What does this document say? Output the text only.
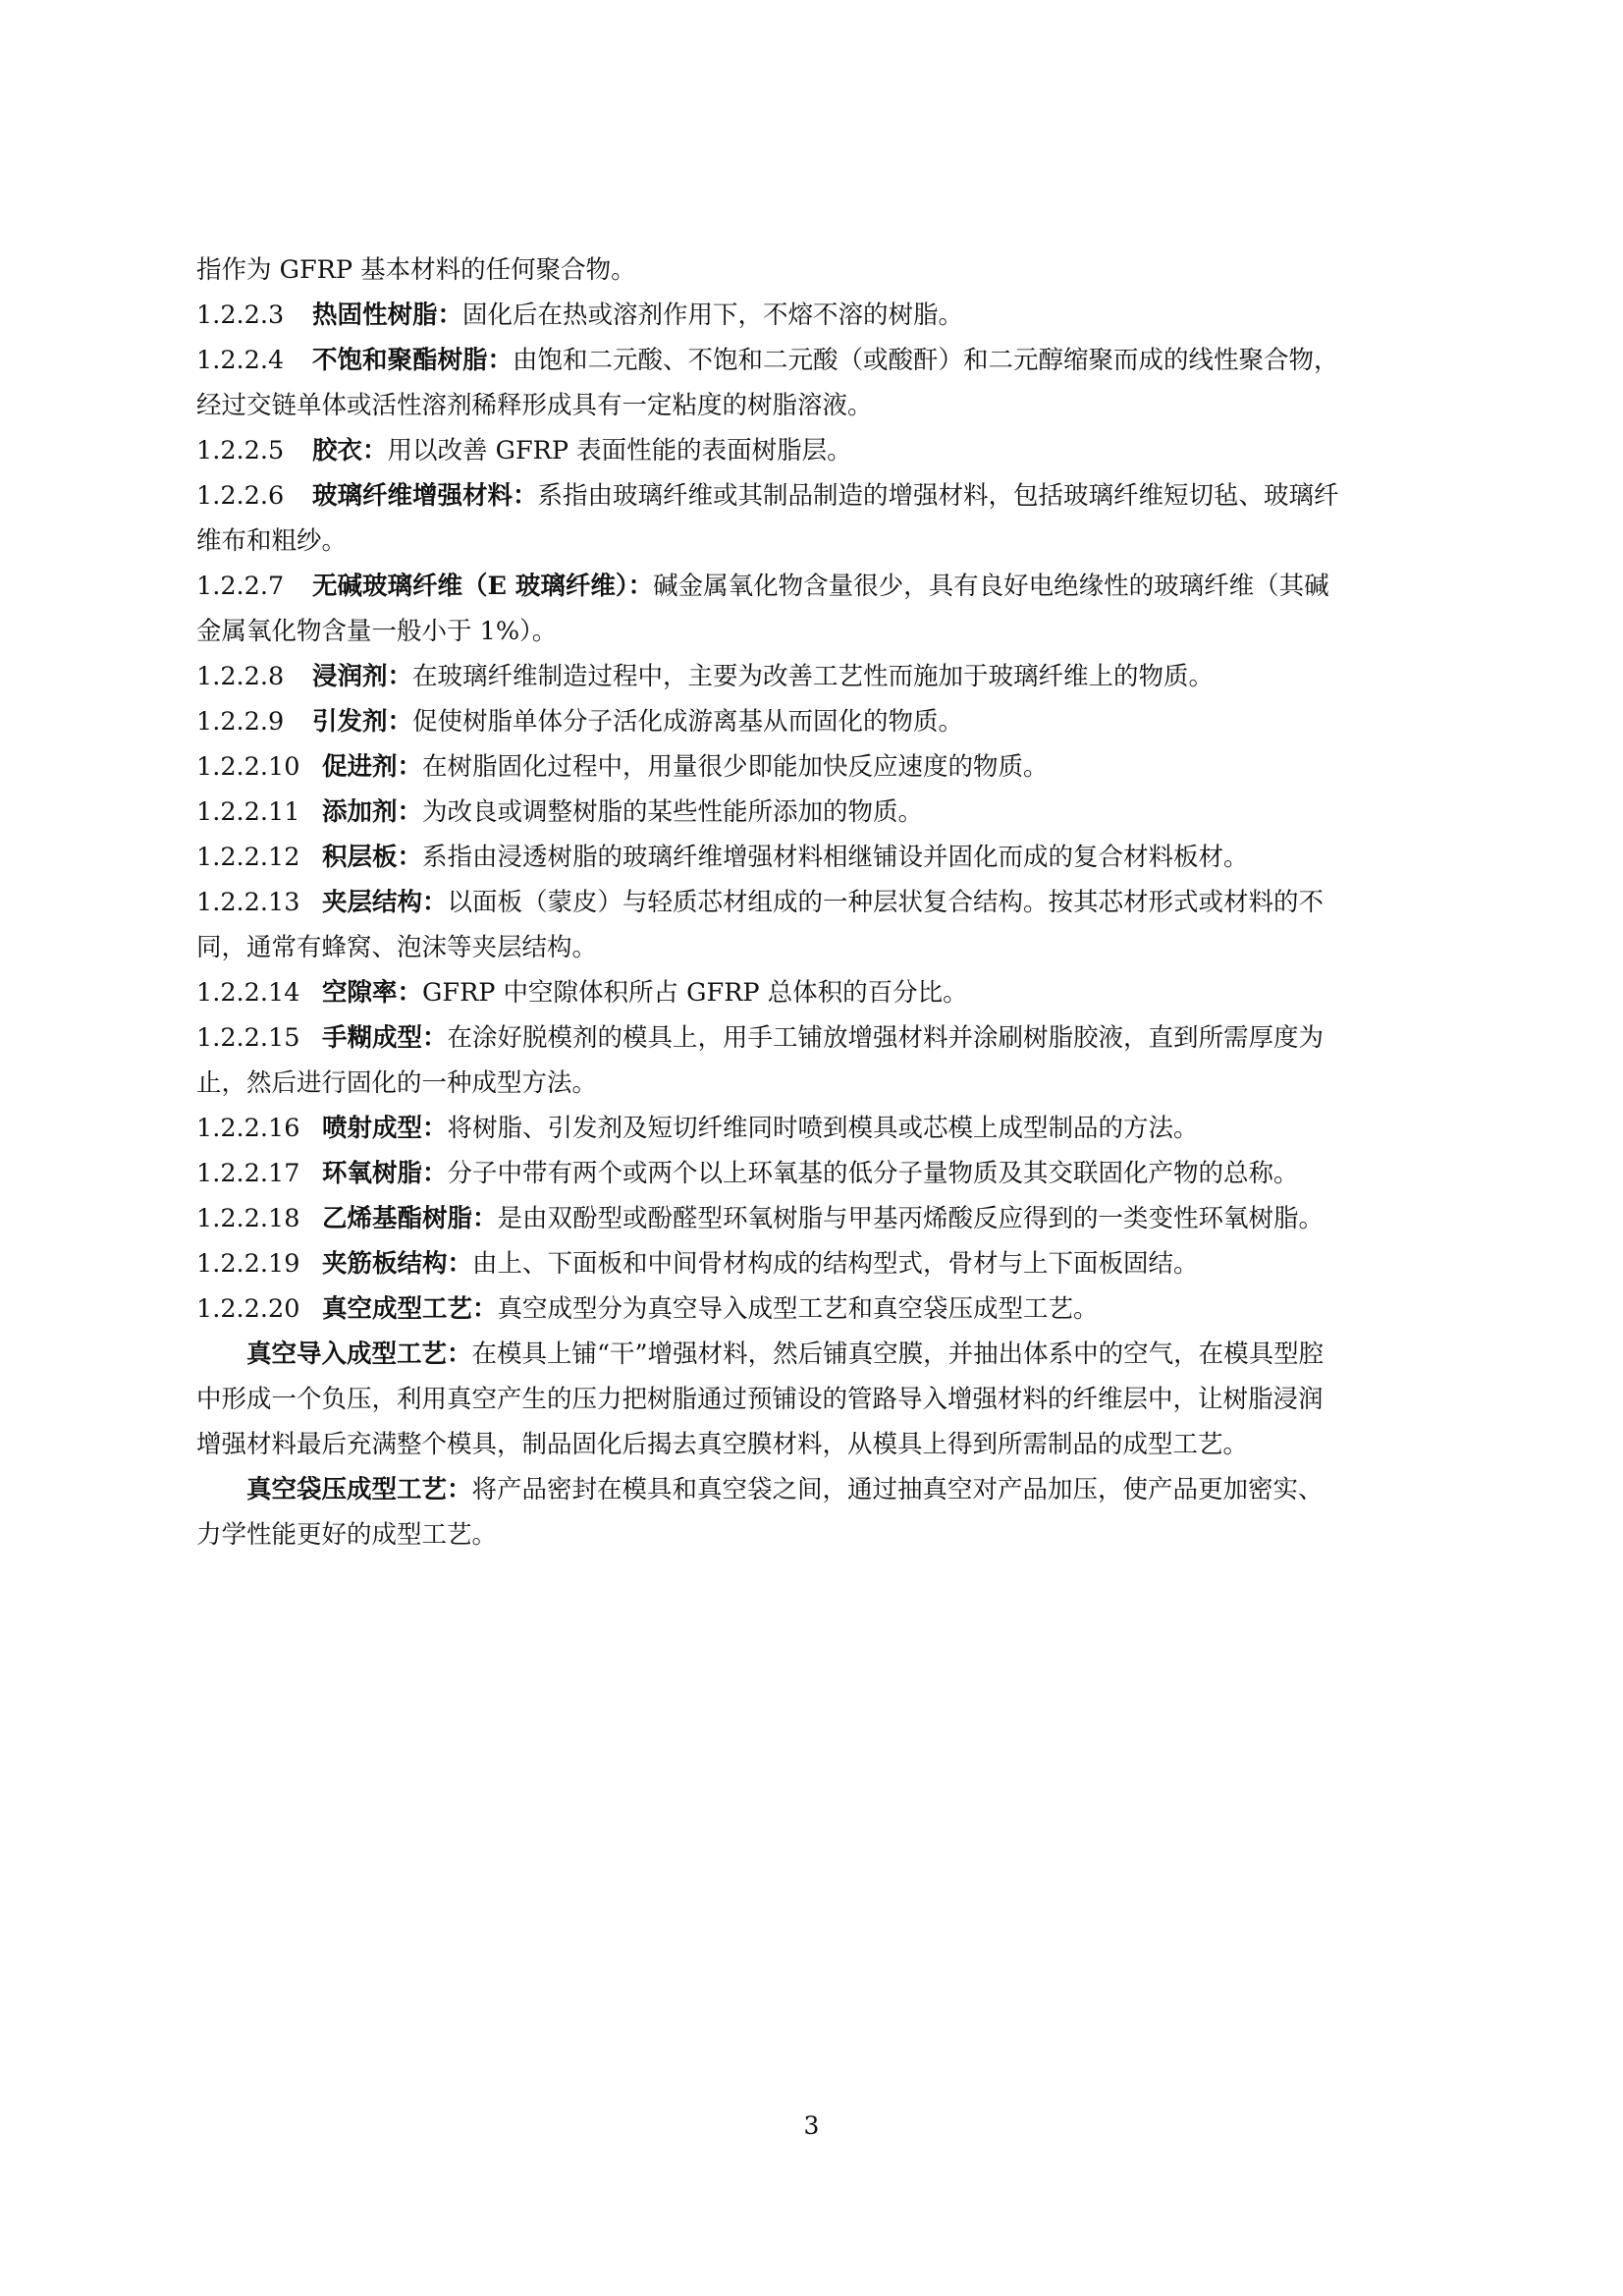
指作为 GFRP 基本材料的任何聚合物。
1.2.2.3 热固性树脂：固化后在热或溶剂作用下，不熔不溶的树脂。
1.2.2.4 不饱和聚酯树脂：由饱和二元酸、不饱和二元酸（或酸酐）和二元醇缩聚而成的线性聚合物，
经过交链单体或活性溶剂稀释形成具有一定粘度的树脂溶液。
1.2.2.5 胶衣：用以改善 GFRP 表面性能的表面树脂层。
1.2.2.6 玻璃纤维增强材料：系指由玻璃纤维或其制品制造的增强材料，包括玻璃纤维短切毡、玻璃纤
维布和粗纱。
1.2.2.7 无碱玻璃纤维（E 玻璃纤维）：碱金属氧化物含量很少，具有良好电绝缘性的玻璃纤维（其碱
金属氧化物含量一般小于 1%）。
1.2.2.8 浸润剂：在玻璃纤维制造过程中，主要为改善工艺性而施加于玻璃纤维上的物质。
1.2.2.9 引发剂：促使树脂单体分子活化成游离基从而固化的物质。
1.2.2.10 促进剂：在树脂固化过程中，用量很少即能加快反应速度的物质。
1.2.2.11 添加剂：为改良或调整树脂的某些性能所添加的物质。
1.2.2.12 积层板：系指由浸透树脂的玻璃纤维增强材料相继铺设并固化而成的复合材料板材。
1.2.2.13 夹层结构：以面板（蒙皮）与轻质芯材组成的一种层状复合结构。按其芯材形式或材料的不
同，通常有蜂窝、泡沫等夹层结构。
1.2.2.14 空隙率：GFRP 中空隙体积所占 GFRP 总体积的百分比。
1.2.2.15 手糊成型：在涂好脱模剂的模具上，用手工铺放增强材料并涂刷树脂胶液，直到所需厚度为
止，然后进行固化的一种成型方法。
1.2.2.16 喷射成型：将树脂、引发剂及短切纤维同时喷到模具或芯模上成型制品的方法。
1.2.2.17 环氧树脂：分子中带有两个或两个以上环氧基的低分子量物质及其交联固化产物的总称。
1.2.2.18 乙烯基酯树脂：是由双酚型或酚醛型环氧树脂与甲基丙烯酸反应得到的一类变性环氧树脂。
1.2.2.19 夹筋板结构：由上、下面板和中间骨材构成的结构型式，骨材与上下面板固结。
1.2.2.20 真空成型工艺：真空成型分为真空导入成型工艺和真空袋压成型工艺。
真空导入成型工艺：在模具上铺“干”增强材料，然后铺真空膜，并抽出体系中的空气，在模具型腔
中形成一个负压，利用真空产生的压力把树脂通过预铺设的管路导入增强材料的纤维层中，让树脂浸润
增强材料最后充满整个模具，制品固化后揭去真空膜材料，从模具上得到所需制品的成型工艺。
真空袋压成型工艺：将产品密封在模具和真空袋之间，通过抽真空对产品加压，使产品更加密实、
力学性能更好的成型工艺。
3
